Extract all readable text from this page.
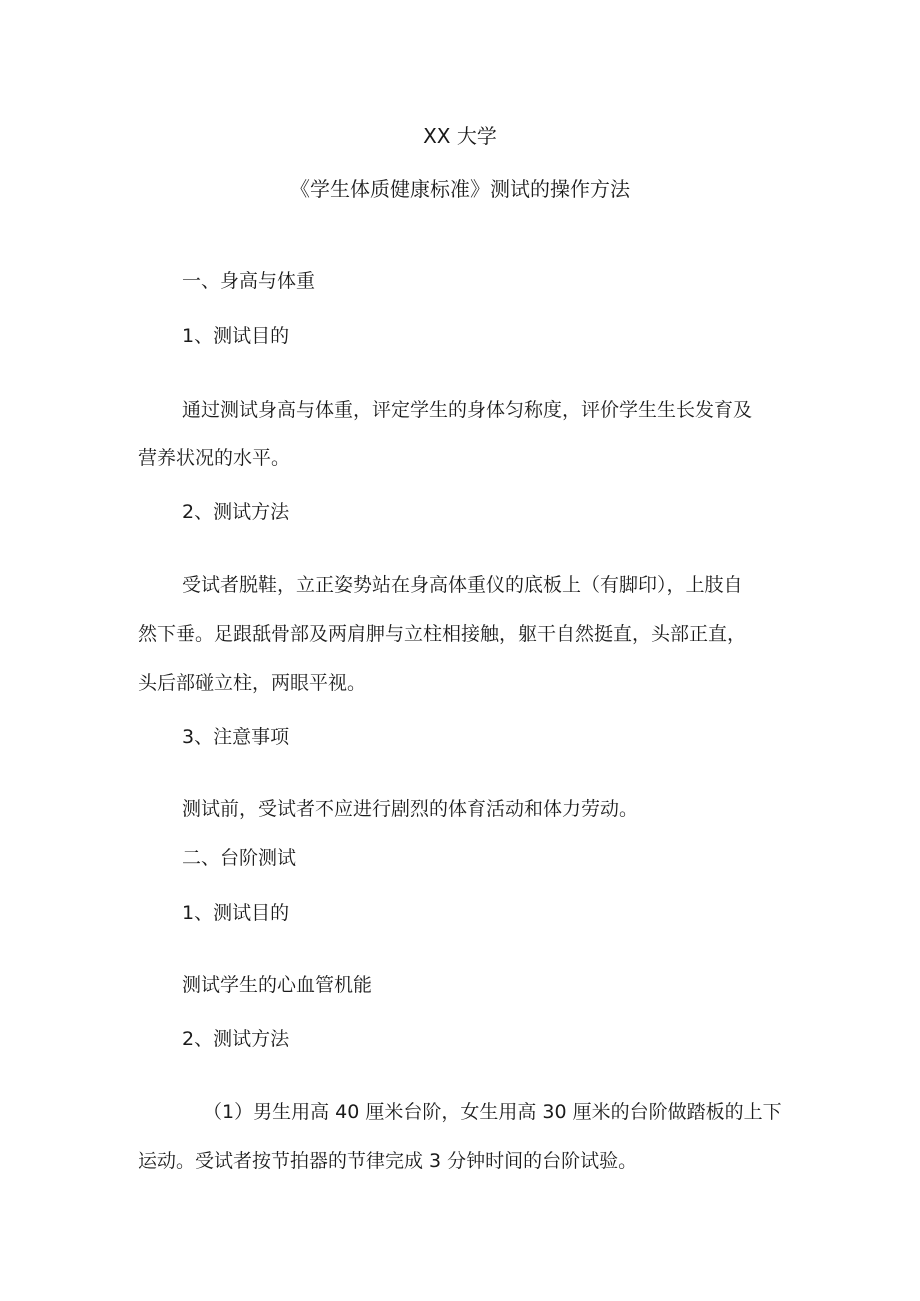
XX 大学
《学生体质健康标准》测试的操作方法
一、身高与体重
1、测试目的
通过测试身高与体重，评定学生的身体匀称度，评价学生生长发育及
营养状况的水平。
2、测试方法
受试者脱鞋，立正姿势站在身高体重仪的底板上（有脚印），上肢自
然下垂。足跟舐骨部及两肩胛与立柱相接触，躯干自然挺直，头部正直，
头后部碰立柱，两眼平视。
3、注意事项
测试前，受试者不应进行剧烈的体育活动和体力劳动。
二、台阶测试
1、测试目的
测试学生的心血管机能
2、测试方法
（1）男生用高 40 厘米台阶，女生用高 30 厘米的台阶做踏板的上下
运动。受试者按节拍器的节律完成 3 分钟时间的台阶试验。
